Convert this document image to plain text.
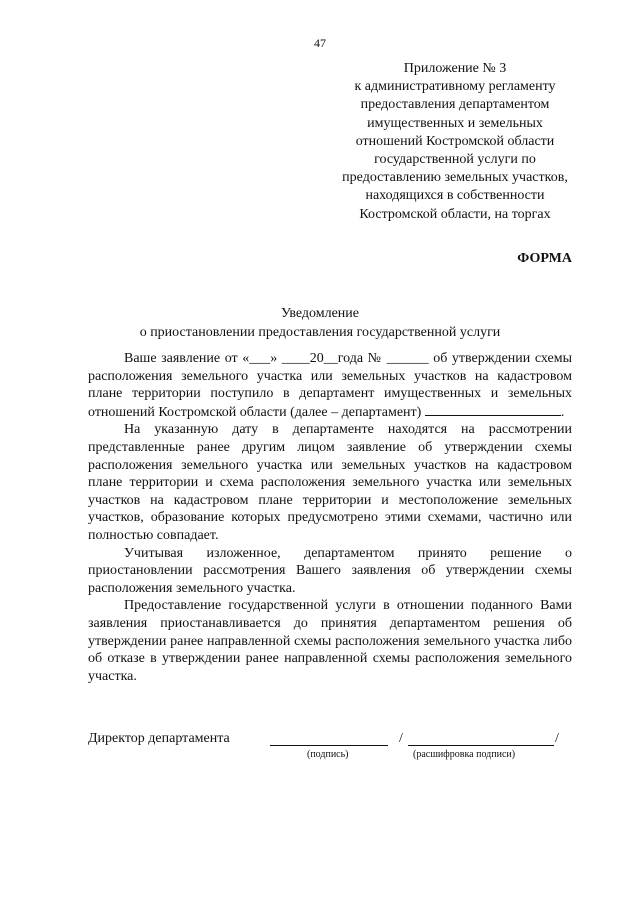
47
Приложение № 3
к административному регламенту
предоставления департаментом
имущественных и земельных
отношений Костромской области
государственной услуги по
предоставлению земельных участков,
находящихся в собственности
Костромской области, на торгах
ФОРМА
Уведомление
о приостановлении предоставления государственной услуги

Ваше заявление от «___» ____20__года № ______ об утверждении схемы расположения земельного участка или земельных участков на кадастровом плане территории поступило в департамент имущественных и земельных отношений Костромской области (далее – департамент)	.

На указанную дату в департаменте находятся на рассмотрении представленные ранее другим лицом заявление об утверждении схемы расположения земельного участка или земельных участков на кадастровом плане территории и схема расположения земельного участка или земельных участков на кадастровом плане территории и местоположение земельных участков, образование которых предусмотрено этими схемами, частично или полностью совпадает.

Учитывая изложенное, департаментом принято решение о приостановлении рассмотрения Вашего заявления об утверждении схемы расположения земельного участка.

Предоставление государственной услуги в отношении поданного Вами заявления приостанавливается до принятия департаментом решения об утверждении ранее направленной схемы расположения земельного участка либо об отказе в утверждении ранее направленной схемы расположения земельного участка.

Директор департамента	/	/
(подпись)	(расшифровка подписи)
